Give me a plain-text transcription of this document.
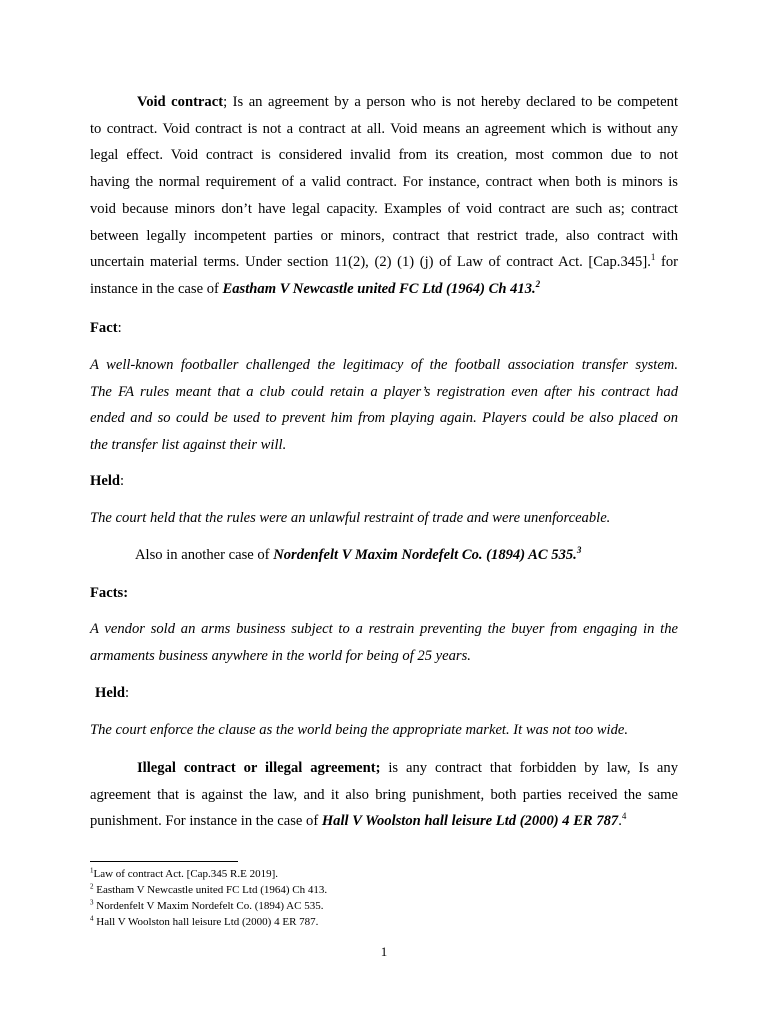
Void contract; Is an agreement by a person who is not hereby declared to be competent
to contract. Void contract is not a contract at all. Void means an agreement which is without any
legal effect. Void contract is considered invalid from its creation, most common due to not
having the normal requirement of a valid contract. For instance, contract when both is minors is
void because minors don’t have legal capacity. Examples of void contract are such as; contract
between legally incompetent parties or minors, contract that restrict trade, also contract with
uncertain material terms. Under section 11(2), (2) (1) (j) of Law of contract Act. [Cap.345].$^1$ for
instance in the case of Eastham V Newcastle united FC Ltd (1964) Ch 413.$^2$
Fact:
A well-known footballer challenged the legitimacy of the football association transfer system.
The FA rules meant that a club could retain a player’s registration even after his contract had
ended and so could be used to prevent him from playing again. Players could be also placed on
the transfer list against their will.
Held:
The court held that the rules were an unlawful restraint of trade and were unenforceable.
Also in another case of Nordenfelt V Maxim Nordefelt Co. (1894) AC 535.$^3$
Facts:
A vendor sold an arms business subject to a restrain preventing the buyer from engaging in the
armaments business anywhere in the world for being of 25 years.
Held:
The court enforce the clause as the world being the appropriate market. It was not too wide.
Illegal contract or illegal agreement; is any contract that forbidden by law, Is any
agreement that is against the law, and it also bring punishment, both parties received the same
punishment. For instance in the case of Hall V Woolston hall leisure Ltd (2000) 4 ER 787.$^4$
$^1$Law of contract Act. [Cap.345 R.E 2019].
$^2$ Eastham V Newcastle united FC Ltd (1964) Ch 413.
$^3$ Nordenfelt V Maxim Nordefelt Co. (1894) AC 535.
$^4$ Hall V Woolston hall leisure Ltd (2000) 4 ER 787.
1
